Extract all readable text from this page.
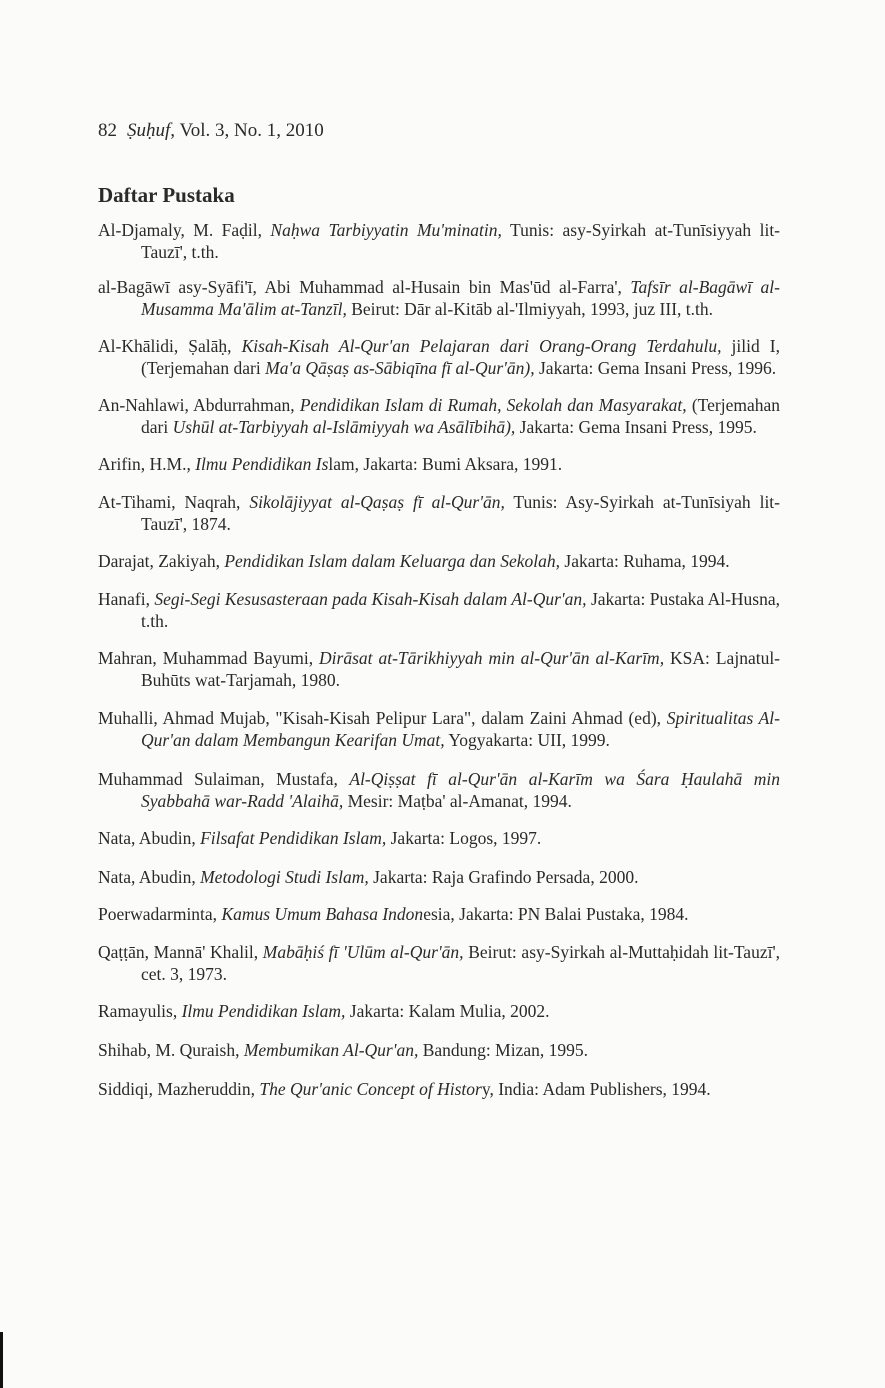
82 Ṣuḥuf, Vol. 3, No. 1, 2010
Daftar Pustaka
Al-Djamaly, M. Faḍil, Naḥwa Tarbiyyatin Mu'minatin, Tunis: asy-Syirkah at-Tunīsiyyah lit-Tauzī', t.th.
al-Bagāwī asy-Syāfi'ī, Abi Muhammad al-Husain bin Mas'ūd al-Farra', Tafsīr al-Bagāwī al-Musamma Ma'ālim at-Tanzīl, Beirut: Dār al-Kitāb al-'Ilmiyyah, 1993, juz III, t.th.
Al-Khālidi, Ṣalāḥ, Kisah-Kisah Al-Qur'an Pelajaran dari Orang-Orang Terdahulu, jilid I, (Terjemahan dari Ma'a Qāṣaṣ as-Sābiqīna fī al-Qur'ān), Jakarta: Gema Insani Press, 1996.
An-Nahlawi, Abdurrahman, Pendidikan Islam di Rumah, Sekolah dan Masyarakat, (Terjemahan dari Ushūl at-Tarbiyyah al-Islāmiyyah wa Asālībihā), Jakarta: Gema Insani Press, 1995.
Arifin, H.M., Ilmu Pendidikan Islam, Jakarta: Bumi Aksara, 1991.
At-Tihami, Naqrah, Sikolājiyyat al-Qaṣaṣ fī al-Qur'ān, Tunis: Asy-Syirkah at-Tunīsiyah lit-Tauzī', 1874.
Darajat, Zakiyah, Pendidikan Islam dalam Keluarga dan Sekolah, Jakarta: Ruhama, 1994.
Hanafi, Segi-Segi Kesusasteraan pada Kisah-Kisah dalam Al-Qur'an, Jakarta: Pustaka Al-Husna, t.th.
Mahran, Muhammad Bayumi, Dirāsat at-Tārikhiyyah min al-Qur'ān al-Karīm, KSA: Lajnatul-Buhūts wat-Tarjamah, 1980.
Muhalli, Ahmad Mujab, "Kisah-Kisah Pelipur Lara", dalam Zaini Ahmad (ed), Spiritualitas Al-Qur'an dalam Membangun Kearifan Umat, Yogyakarta: UII, 1999.
Muhammad Sulaiman, Mustafa, Al-Qiṣṣat fī al-Qur'ān al-Karīm wa Śara Ḥaulahā min Syabbahā war-Radd 'Alaihā, Mesir: Maṭba' al-Amanat, 1994.
Nata, Abudin, Filsafat Pendidikan Islam, Jakarta: Logos, 1997.
Nata, Abudin, Metodologi Studi Islam, Jakarta: Raja Grafindo Persada, 2000.
Poerwadarminta, Kamus Umum Bahasa Indonesia, Jakarta: PN Balai Pustaka, 1984.
Qaṭṭān, Mannā' Khalil, Mabāḥiś fī 'Ulūm al-Qur'ān, Beirut: asy-Syirkah al-Muttaḥidah lit-Tauzī', cet. 3, 1973.
Ramayulis, Ilmu Pendidikan Islam, Jakarta: Kalam Mulia, 2002.
Shihab, M. Quraish, Membumikan Al-Qur'an, Bandung: Mizan, 1995.
Siddiqi, Mazheruddin, The Qur'anic Concept of History, India: Adam Publishers, 1994.
